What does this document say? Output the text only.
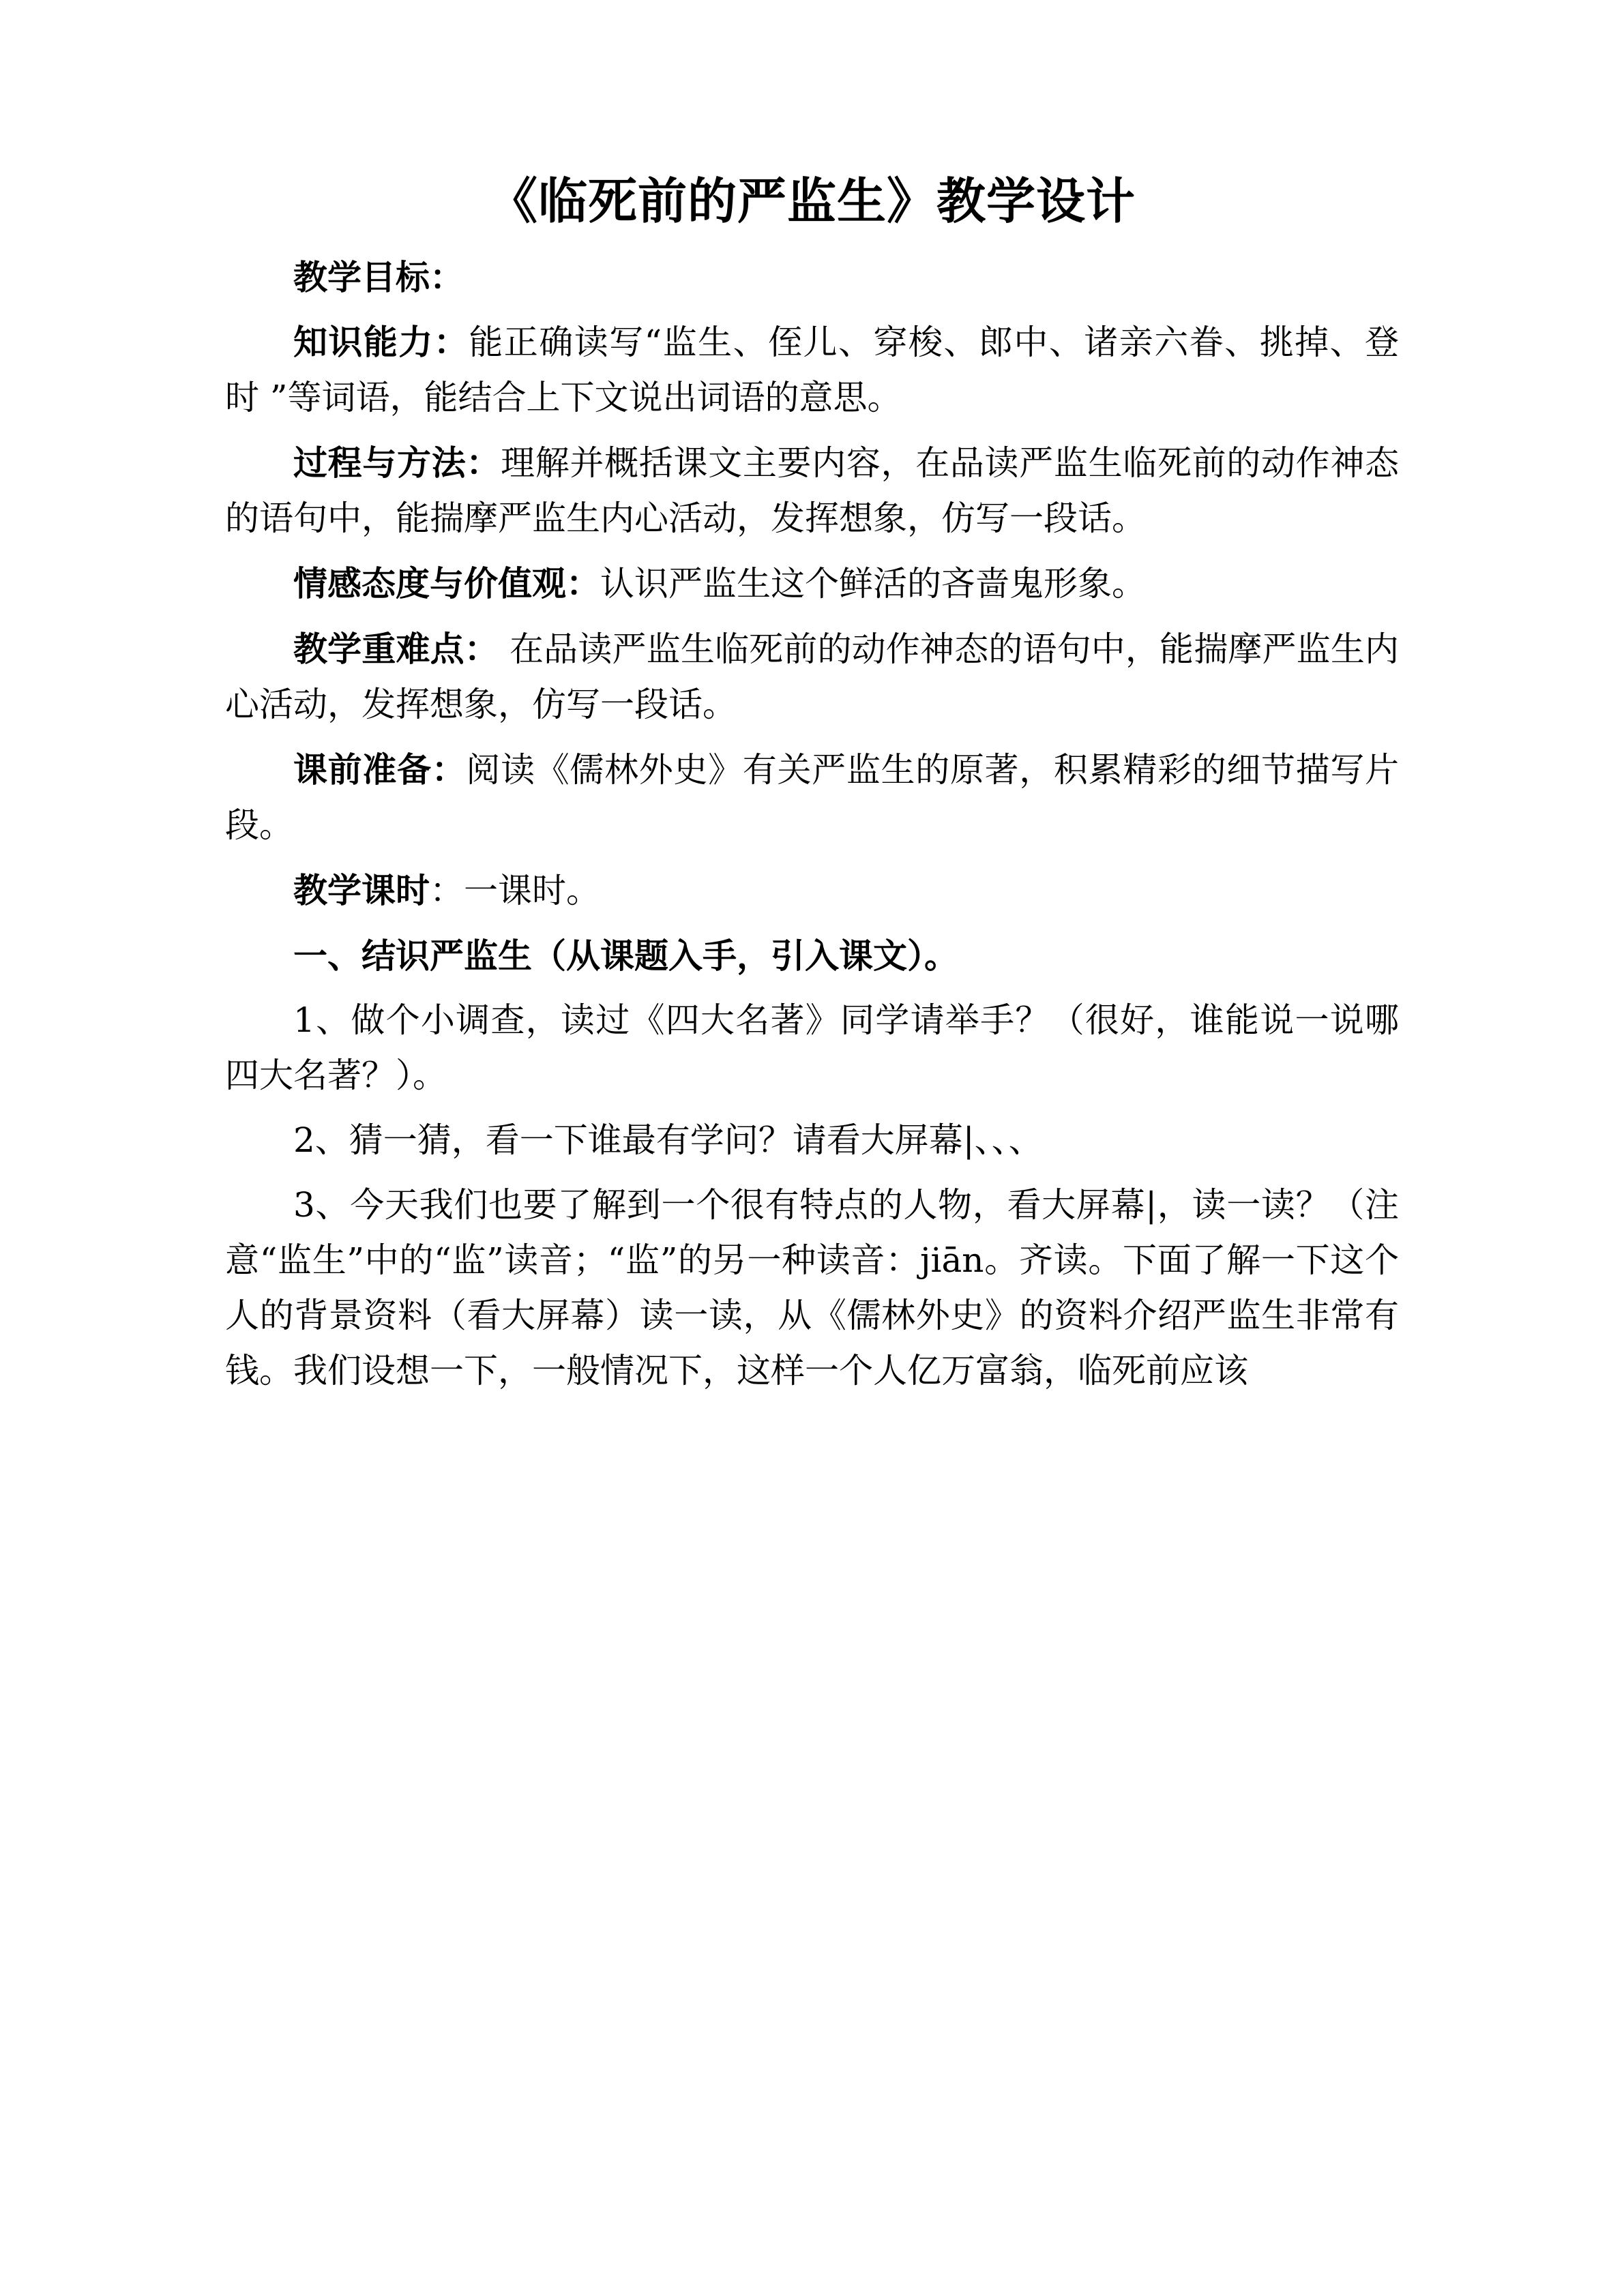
《临死前的严监生》教学设计

教学目标：

知识能力：能正确读写“监生、侄儿、穿梭、郎中、诸亲六眷、挑掉、登时 ”等词语，能结合上下文说出词语的意思。

过程与方法：理解并概括课文主要内容，在品读严监生临死前的动作神态的语句中，能揣摩严监生内心活动，发挥想象，仿写一段话。

情感态度与价值观：认识严监生这个鲜活的吝啬鬼形象。

教学重难点： 在品读严监生临死前的动作神态的语句中，能揣摩严监生内心活动，发挥想象，仿写一段话。

课前准备：阅读《儒林外史》有关严监生的原著，积累精彩的细节描写片段。

教学课时：一课时。

一、结识严监生（从课题入手，引入课文）。

1、做个小调查，读过《四大名著》同学请举手？（很好，谁能说一说哪四大名著？）。

2、猜一猜，看一下谁最有学问？请看大屏幕|、、、

3、今天我们也要了解到一个很有特点的人物，看大屏幕|，读一读？（注意“监生”中的“监”读音；“监”的另一种读音：jiān。齐读。下面了解一下这个人的背景资料（看大屏幕）读一读，从《儒林外史》的资料介绍严监生非常有钱。我们设想一下，一般情况下，这样一个人亿万富翁，临死前应该
